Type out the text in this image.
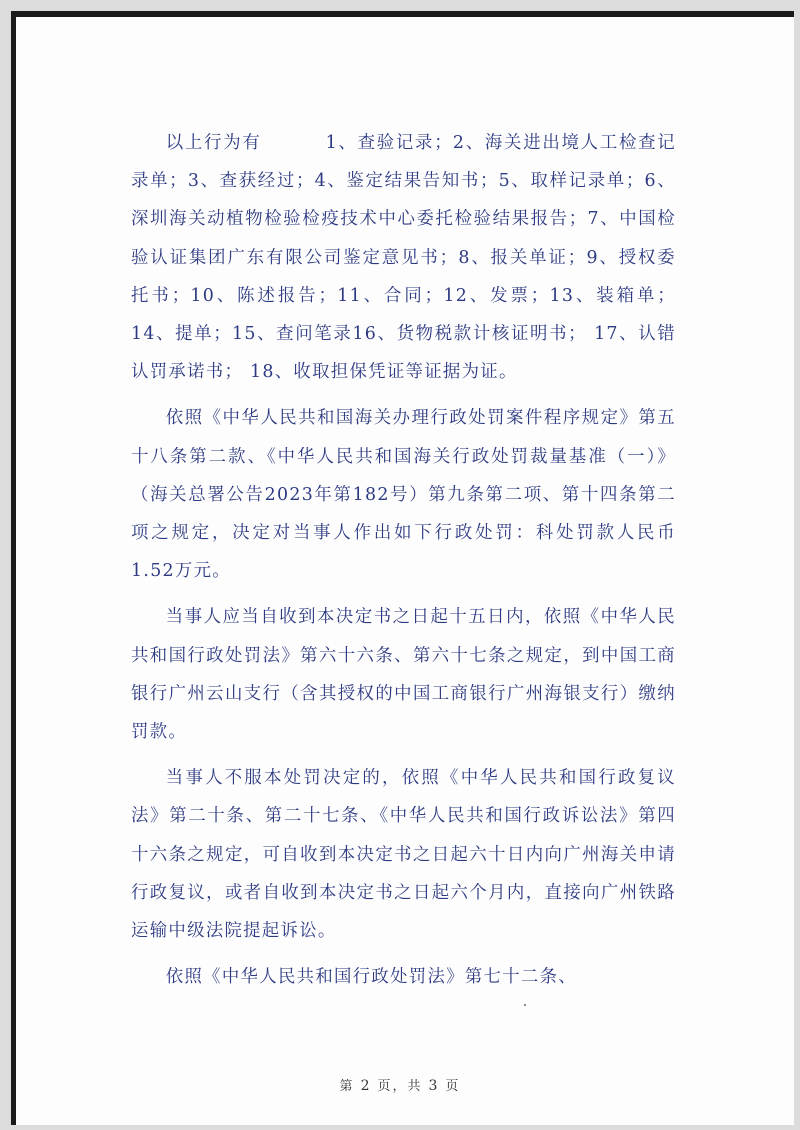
以上行为有	1、查验记录；2、海关进出境人工检查记录单；3、查获经过；4、鉴定结果告知书；5、取样记录单；6、深圳海关动植物检验检疫技术中心委托检验结果报告；7、中国检验认证集团广东有限公司鉴定意见书；8、报关单证；9、授权委托书；10、陈述报告；11、合同；12、发票；13、装箱单；14、提单；15、查问笔录16、货物税款计核证明书； 17、认错认罚承诺书； 18、收取担保凭证等证据为证。

依照《中华人民共和国海关办理行政处罚案件程序规定》第五十八条第二款、《中华人民共和国海关行政处罚裁量基准（一）》（海关总署公告2023年第182号）第九条第二项、第十四条第二项之规定，决定对当事人作出如下行政处罚：科处罚款人民币1.52万元。

当事人应当自收到本决定书之日起十五日内，依照《中华人民共和国行政处罚法》第六十六条、第六十七条之规定，到中国工商银行广州云山支行（含其授权的中国工商银行广州海银支行）缴纳罚款。

当事人不服本处罚决定的，依照《中华人民共和国行政复议法》第二十条、第二十七条、《中华人民共和国行政诉讼法》第四十六条之规定，可自收到本决定书之日起六十日内向广州海关申请行政复议，或者自收到本决定书之日起六个月内，直接向广州铁路运输中级法院提起诉讼。

依照《中华人民共和国行政处罚法》第七十二条、

第 2 页，共 3 页
